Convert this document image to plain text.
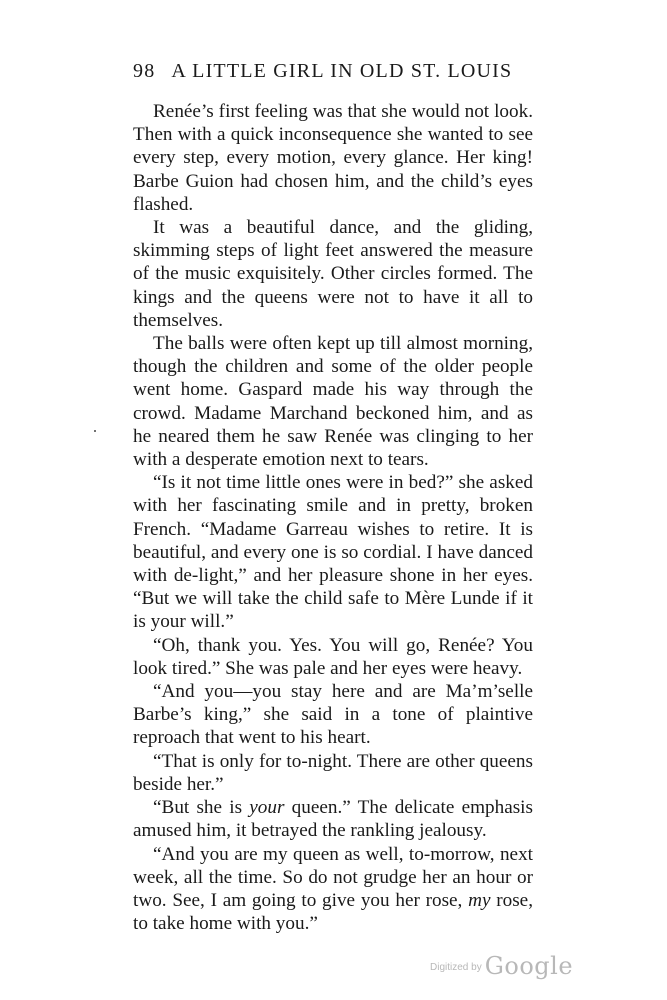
98 A LITTLE GIRL IN OLD ST. LOUIS

Renée’s first feeling was that she would not look. Then with a quick inconsequence she wanted to see every step, every motion, every glance. Her king! Barbe Guion had chosen him, and the child’s eyes flashed.

It was a beautiful dance, and the gliding, skimming steps of light feet answered the measure of the music exquisitely. Other circles formed. The kings and the queens were not to have it all to themselves.

The balls were often kept up till almost morning, though the children and some of the older people went home. Gaspard made his way through the crowd. Madame Marchand beckoned him, and as he neared them he saw Renée was clinging to her with a desperate emotion next to tears.

“Is it not time little ones were in bed?” she asked with her fascinating smile and in pretty, broken French. “Madame Garreau wishes to retire. It is beautiful, and every one is so cordial. I have danced with de-light,” and her pleasure shone in her eyes. “But we will take the child safe to Mère Lunde if it is your will.”

“Oh, thank you. Yes. You will go, Renée? You look tired.” She was pale and her eyes were heavy.

“And you—you stay here and are Ma’m’selle Barbe’s king,” she said in a tone of plaintive reproach that went to his heart.

“That is only for to-night. There are other queens beside her.”

“But she is your queen.” The delicate emphasis amused him, it betrayed the rankling jealousy.

“And you are my queen as well, to-morrow, next week, all the time. So do not grudge her an hour or two. See, I am going to give you her rose, my rose, to take home with you.”

$^{Digitized by}$ Google
